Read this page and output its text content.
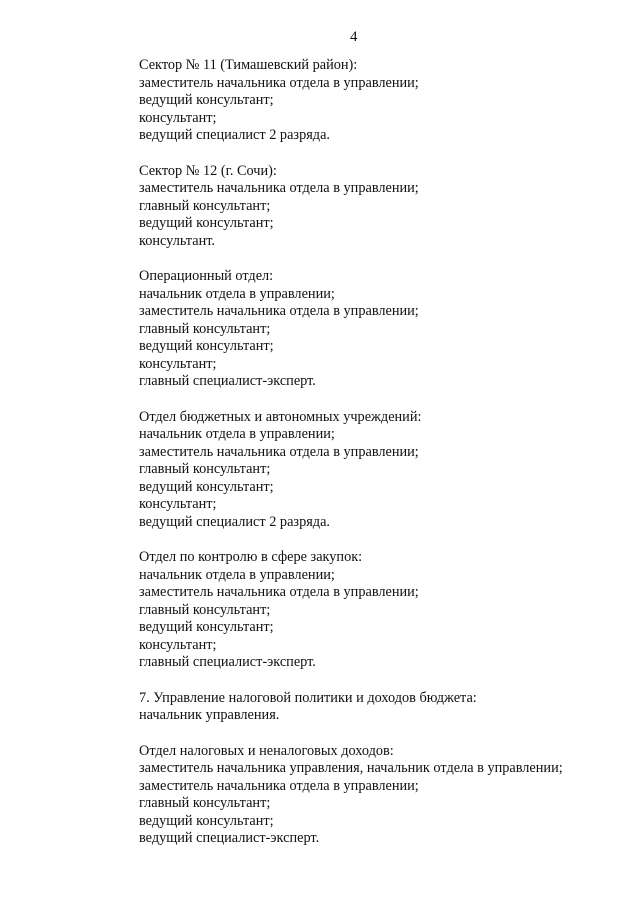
4
Сектор № 11 (Тимашевский район):
заместитель начальника отдела в управлении;
ведущий консультант;
консультант;
ведущий специалист 2 разряда.
Сектор № 12 (г. Сочи):
заместитель начальника отдела в управлении;
главный консультант;
ведущий консультант;
консультант.
Операционный отдел:
начальник отдела в управлении;
заместитель начальника отдела в управлении;
главный консультант;
ведущий консультант;
консультант;
главный специалист-эксперт.
Отдел бюджетных и автономных учреждений:
начальник отдела в управлении;
заместитель начальника отдела в управлении;
главный консультант;
ведущий консультант;
консультант;
ведущий специалист 2 разряда.
Отдел по контролю в сфере закупок:
начальник отдела в управлении;
заместитель начальника отдела в управлении;
главный консультант;
ведущий консультант;
консультант;
главный специалист-эксперт.
7. Управление налоговой политики и доходов бюджета:
начальник управления.
Отдел налоговых и неналоговых доходов:
заместитель начальника управления, начальник отдела в управлении;
заместитель начальника отдела в управлении;
главный консультант;
ведущий консультант;
ведущий специалист-эксперт.
